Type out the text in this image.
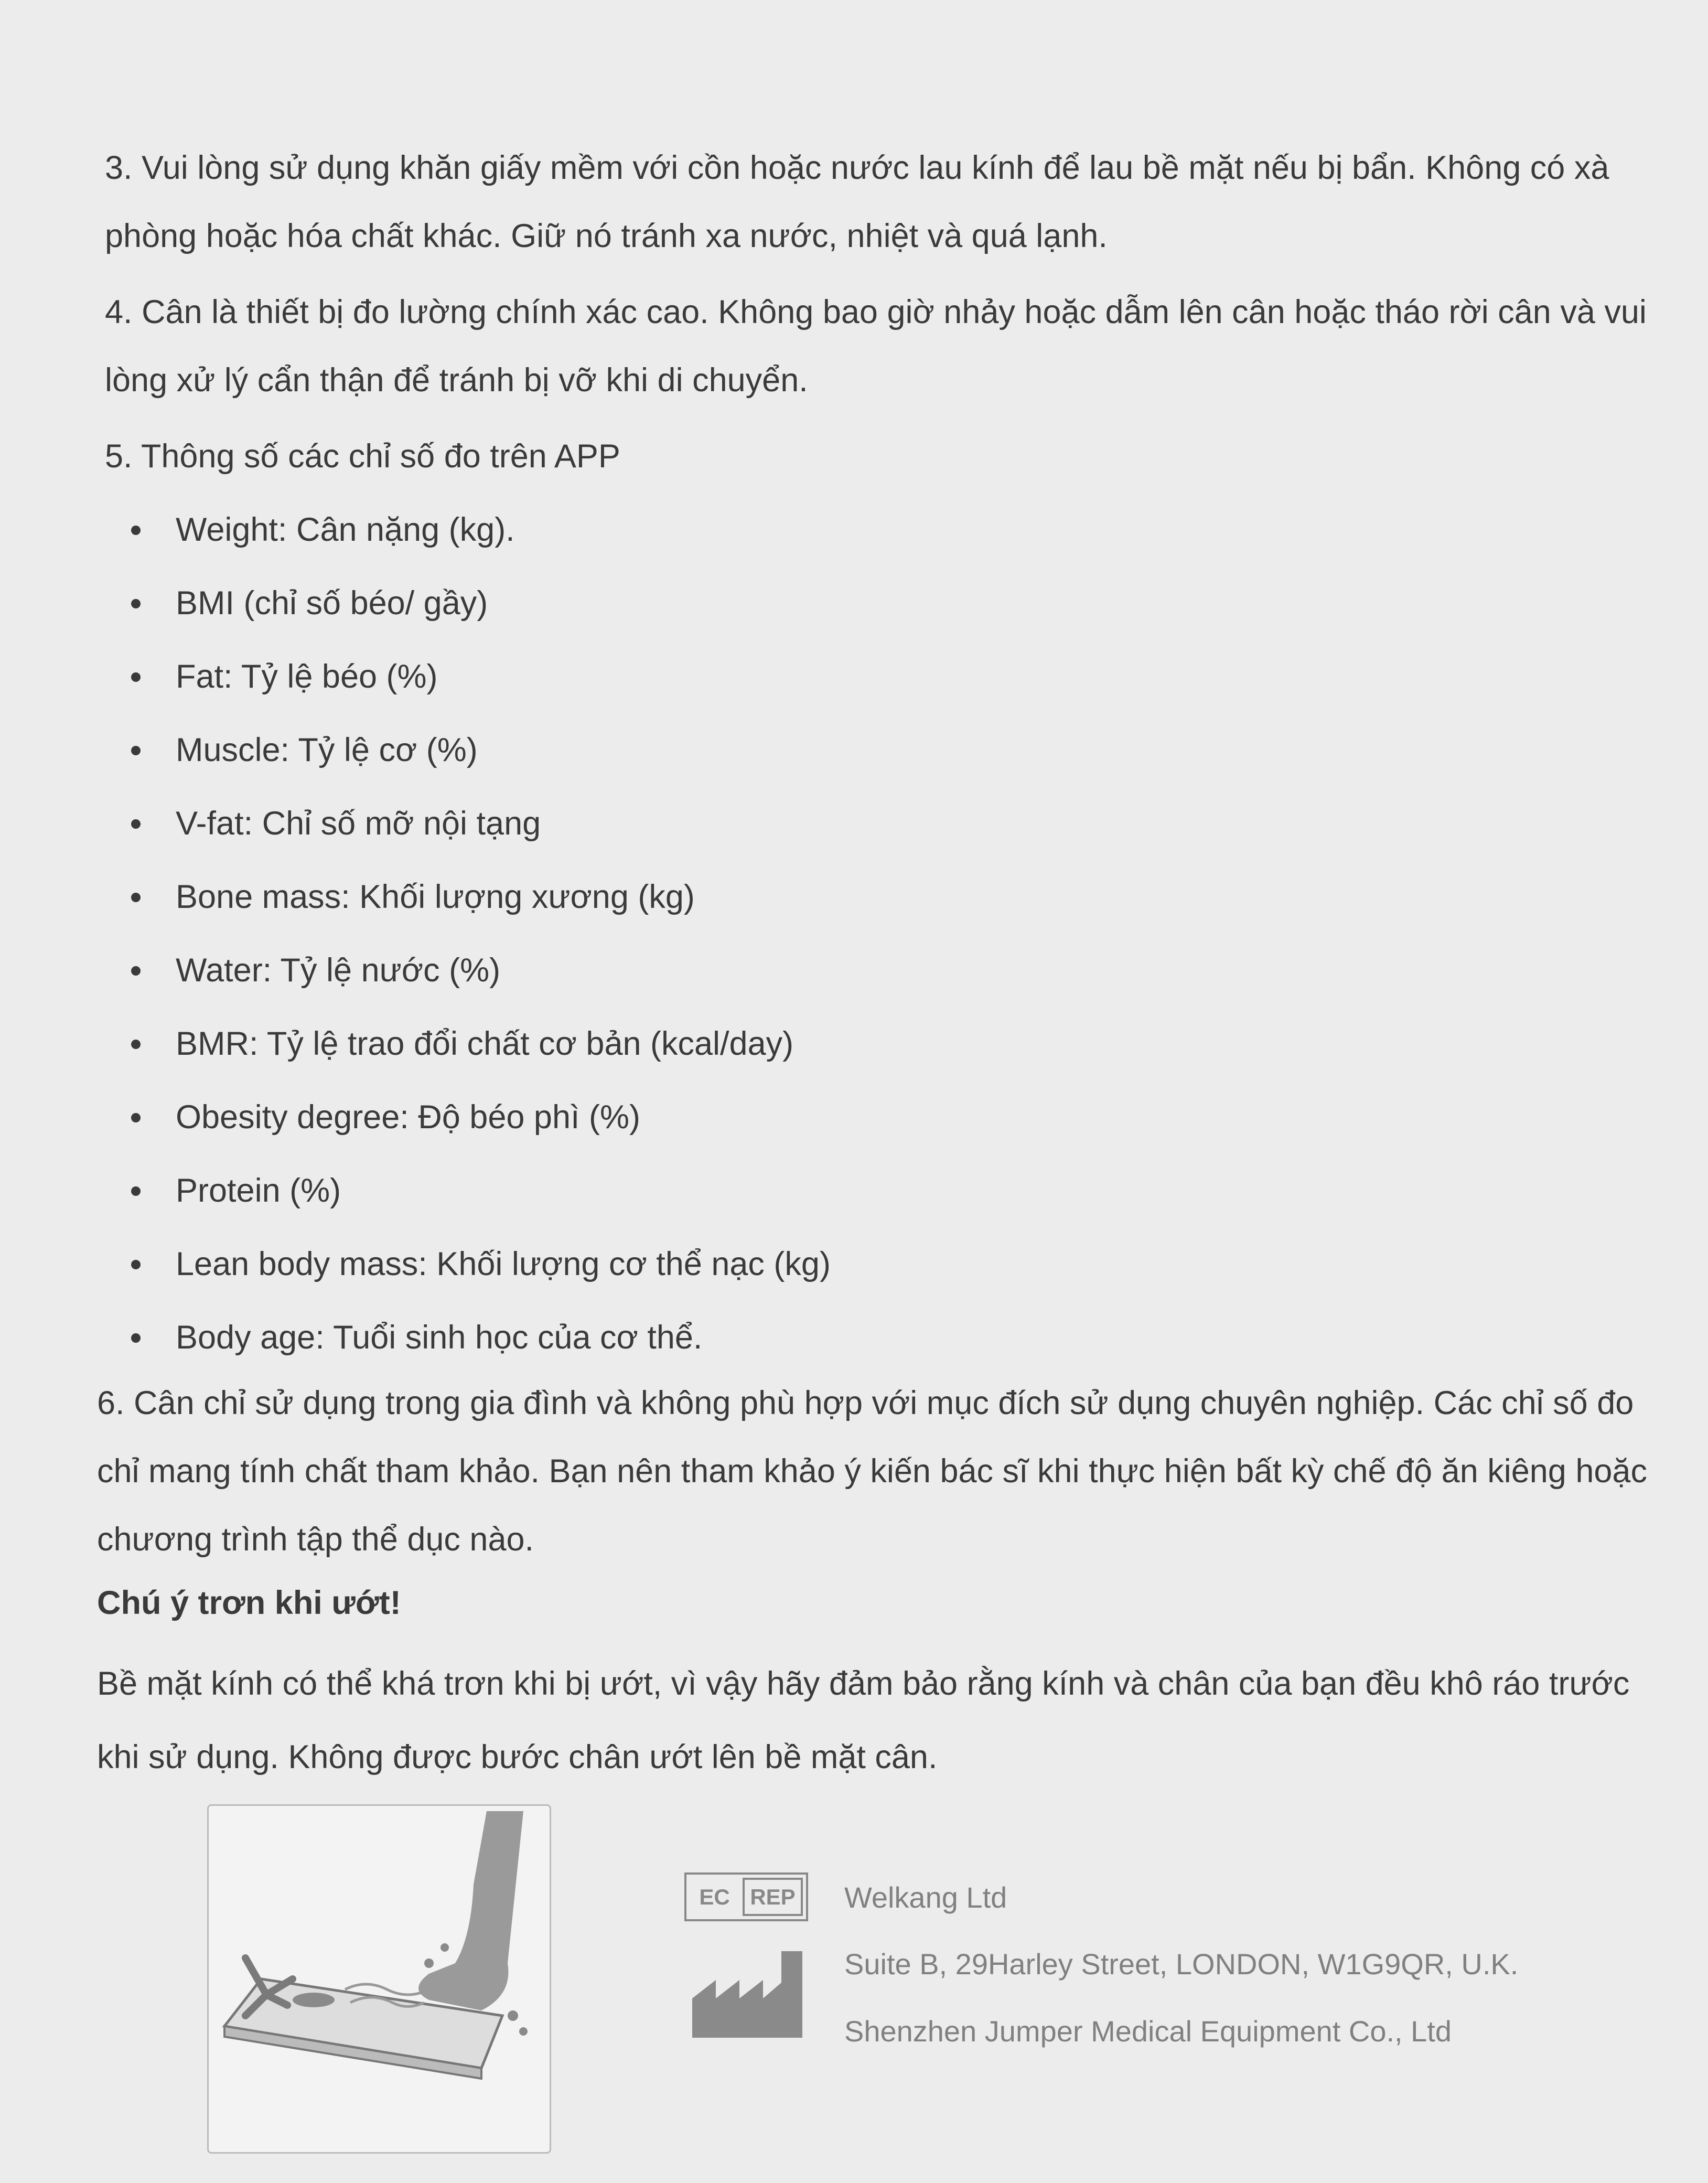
3. Vui lòng sử dụng khăn giấy mềm với cồn hoặc nước lau kính để lau bề mặt nếu bị bẩn. Không có xà phòng hoặc hóa chất khác. Giữ nó tránh xa nước, nhiệt và quá lạnh.

4. Cân là thiết bị đo lường chính xác cao. Không bao giờ nhảy hoặc dẫm lên cân hoặc tháo rời cân và vui lòng xử lý cẩn thận để tránh bị vỡ khi di chuyển.

5. Thông số các chỉ số đo trên APP

Weight: Cân nặng (kg).
BMI (chỉ số béo/ gầy)
Fat: Tỷ lệ béo (%)
Muscle: Tỷ lệ cơ (%)
V-fat: Chỉ số mỡ nội tạng
Bone mass: Khối lượng xương (kg)
Water: Tỷ lệ nước (%)
BMR: Tỷ lệ trao đổi chất cơ bản (kcal/day)
Obesity degree: Độ béo phì (%)
Protein (%)
Lean body mass: Khối lượng cơ thể nạc (kg)
Body age: Tuổi sinh học của cơ thể.

6. Cân chỉ sử dụng trong gia đình và không phù hợp với mục đích sử dụng chuyên nghiệp. Các chỉ số đo chỉ mang tính chất tham khảo. Bạn nên tham khảo ý kiến bác sĩ khi thực hiện bất kỳ chế độ ăn kiêng hoặc chương trình tập thể dục nào.

Chú ý trơn khi ướt!

Bề mặt kính có thể khá trơn khi bị ướt, vì vậy hãy đảm bảo rằng kính và chân của bạn đều khô ráo trước khi sử dụng. Không được bước chân ướt lên bề mặt cân.

EC REP Welkang Ltd

Suite B, 29Harley Street, LONDON, W1G9QR, U.K.

Shenzhen Jumper Medical Equipment Co., Ltd
